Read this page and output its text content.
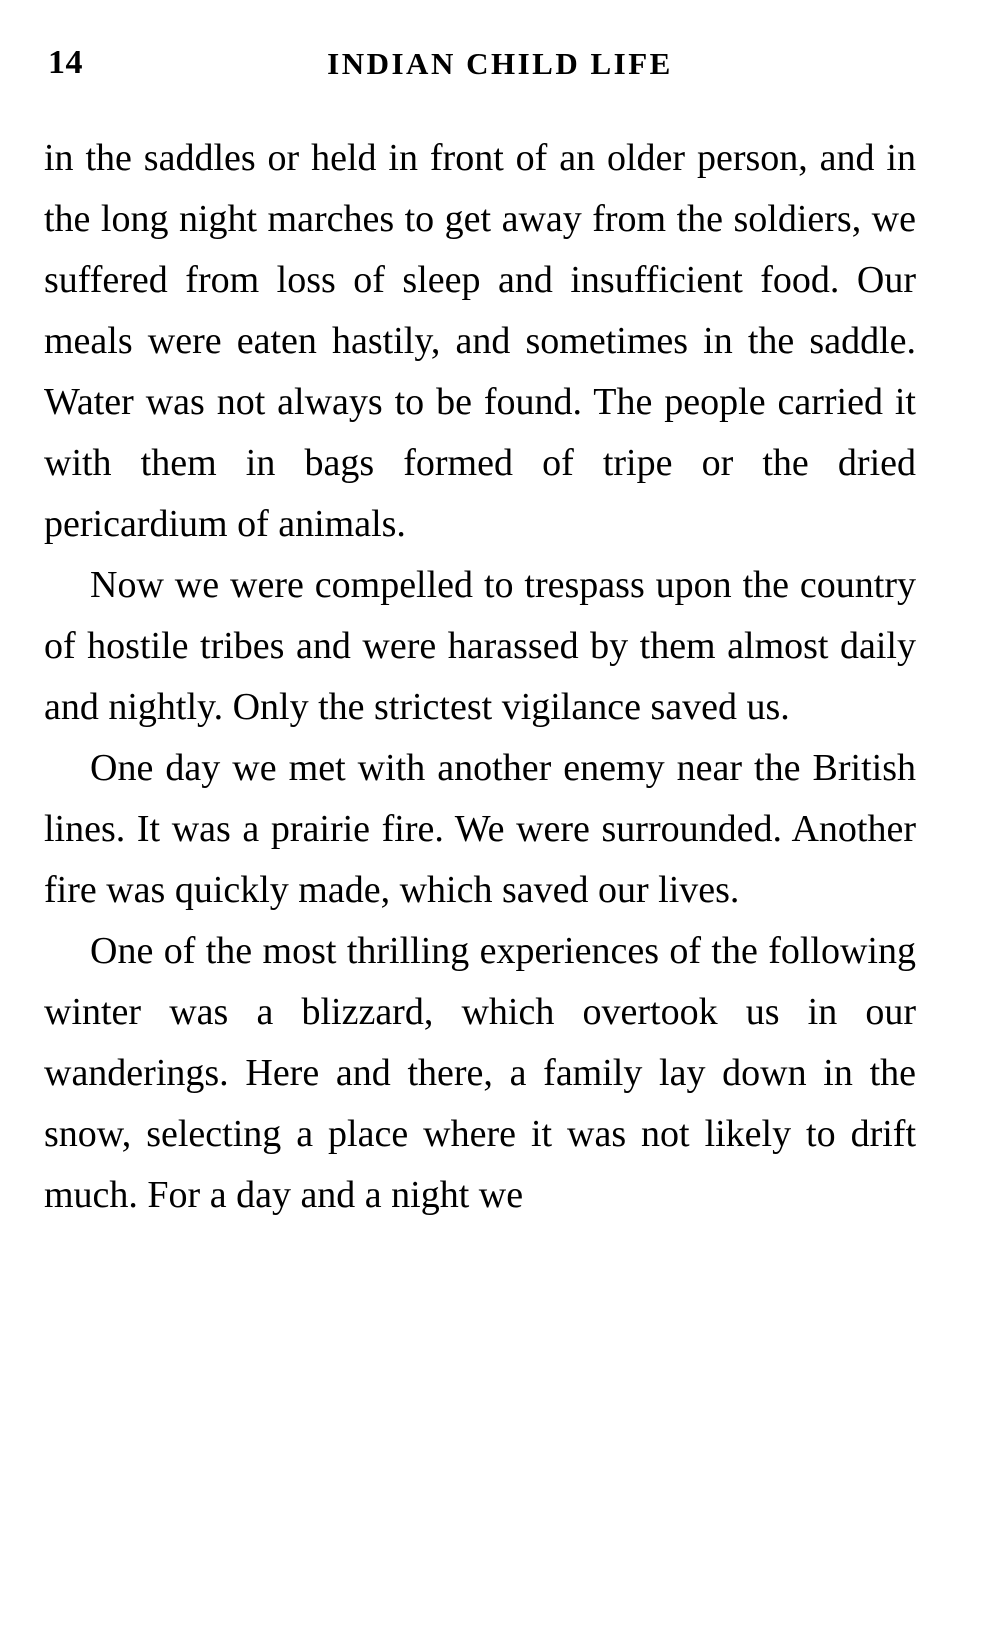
14	INDIAN CHILD LIFE

in the saddles or held in front of an older person, and in the long night marches to get away from the soldiers, we suffered from loss of sleep and insufficient food. Our meals were eaten hastily, and sometimes in the saddle. Water was not always to be found. The people carried it with them in bags formed of tripe or the dried pericardium of animals.

Now we were compelled to trespass upon the country of hostile tribes and were harassed by them almost daily and nightly. Only the strictest vigilance saved us.

One day we met with another enemy near the British lines. It was a prairie fire. We were surrounded. Another fire was quickly made, which saved our lives.

One of the most thrilling experiences of the following winter was a blizzard, which overtook us in our wanderings. Here and there, a family lay down in the snow, selecting a place where it was not likely to drift much. For a day and a night we
